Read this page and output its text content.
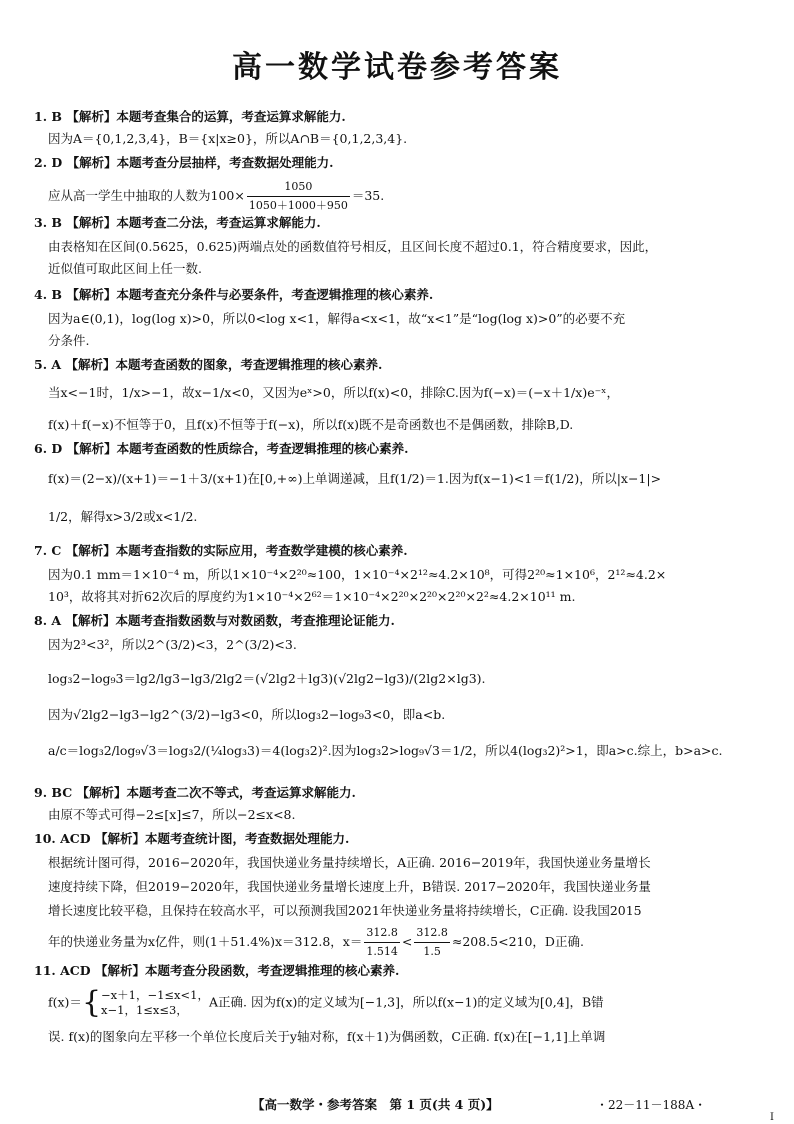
高一数学试卷参考答案
1. B 【解析】本题考查集合的运算，考查运算求解能力.
因为A＝{0,1,2,3,4}，B＝{x|x≥0}，所以A∩B＝{0,1,2,3,4}.
2. D 【解析】本题考查分层抽样，考查数据处理能力.
应从高一学生中抽取的人数为$100\times \frac{1050}{1050+1000+950} =35$.
3. B 【解析】本题考查二分法，考查运算求解能力.
由表格知在区间(0.5625，0.625)两端点处的函数值符号相反，且区间长度不超过0.1，符合精度要求，因此，
近似值可取此区间上任一数.
4. B 【解析】本题考查充分条件与必要条件，考查逻辑推理的核心素养.
因为a∈(0,1)，log(log x)>0，所以0<log x<1，解得a<x<1，故“x<1”是“log(log x)>0”的必要不充
分条件.
5. A 【解析】本题考查函数的图象，考查逻辑推理的核心素养.
当x<−1时，1/x>−1，故x−1/x<0，又因为eˣ>0，所以f(x)<0，排除C.因为f(−x)＝(−x＋1/x)e⁻ˣ，
f(x)＋f(−x)不恒等于0，且f(x)不恒等于f(−x)，所以f(x)既不是奇函数也不是偶函数，排除B,D.
6. D 【解析】本题考查函数的性质综合，考查逻辑推理的核心素养.
f(x)＝(2−x)/(x+1)＝−1＋3/(x+1)在[0,+∞)上单调递减，且f(1/2)＝1.因为f(x−1)<1＝f(1/2)，所以|x−1|>
1/2，解得x>3/2或x<1/2.
7. C 【解析】本题考查指数的实际应用，考查数学建模的核心素养.
因为0.1 mm＝1×10⁻⁴ m，所以1×10⁻⁴×2²⁰≈100，1×10⁻⁴×2¹²≈4.2×10⁸，可得2²⁰≈1×10⁶，2¹²≈4.2×
10³，故将其对折62次后的厚度约为1×10⁻⁴×2⁶²＝1×10⁻⁴×2²⁰×2²⁰×2²⁰×2²≈4.2×10¹¹ m.
8. A 【解析】本题考查指数函数与对数函数，考查推理论证能力.
因为2³<3²，所以2^(3/2)<3，2^(3/2)<3.
log₃2−log₉3＝lg2/lg3−lg3/2lg2＝(√2lg2＋lg3)(√2lg2−lg3)/(2lg2×lg3).
因为√2lg2−lg3−lg2^(3/2)−lg3<0，所以log₃2−log₉3<0，即a<b.
a/c＝log₃2/log₉√3＝log₃2/(¼log₃3)＝4(log₃2)².因为log₃2>log₉√3＝1/2，所以4(log₃2)²>1，即a>c.综上，b>a>c.
9. BC 【解析】本题考查二次不等式，考查运算求解能力.
由原不等式可得−2≤[x]≤7，所以−2≤x<8.
10. ACD 【解析】本题考查统计图，考查数据处理能力.
根据统计图可得，2016−2020年，我国快递业务量持续增长，A正确. 2016−2019年，我国快递业务量增长
速度持续下降，但2019−2020年，我国快递业务量增长速度上升，B错误. 2017−2020年，我国快递业务量
增长速度比较平稳，且保持在较高水平，可以预测我国2021年快递业务量将持续增长，C正确. 设我国2015
年的快递业务量为x亿件，则(1＋51.4%)x＝312.8，$x= \frac{312.8}{1.514} < \frac{312.8}{1.5} \approx 208.5<210$，D正确.
11. ACD 【解析】本题考查分段函数，考查逻辑推理的核心素养.
f(x)＝{ −x＋1，−1≤x<1，
x−1，1≤x≤3，
A正确. 因为f(x)的定义域为[−1,3]，所以f(x−1)的定义域为[0,4]，B错
误. f(x)的图象向左平移一个单位长度后关于y轴对称，f(x＋1)为偶函数，C正确. f(x)在[−1,1]上单调
【高一数学・参考答案　第 1 页(共 4 页)】	・22－11－188A・
I
